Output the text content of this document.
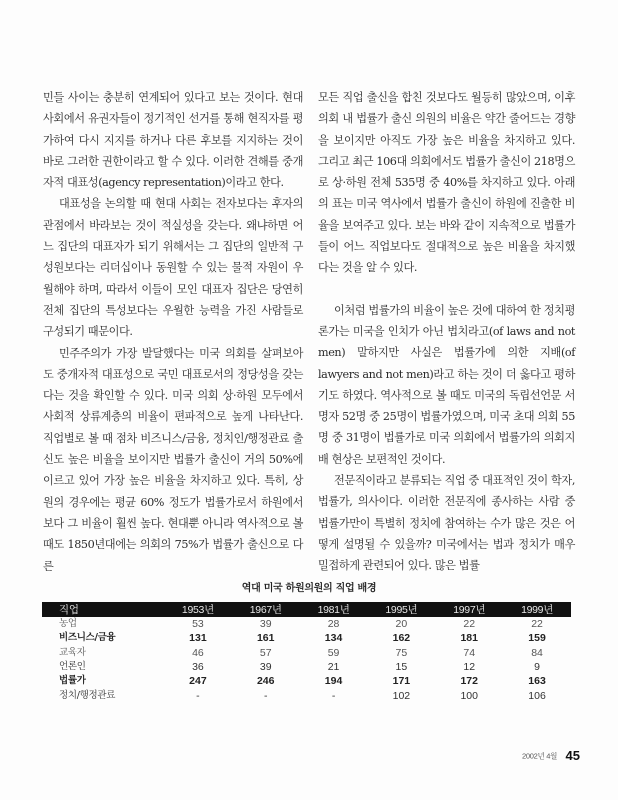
민들 사이는 충분히 연계되어 있다고 보는 것이다. 현대 사회에서 유권자들이 정기적인 선거를 통해 현직자를 평가하여 다시 지지를 하거나 다른 후보를 지지하는 것이 바로 그러한 권한이라고 할 수 있다. 이러한 견해를 중개자적 대표성(agency representation)이라고 한다.

대표성을 논의할 때 현대 사회는 전자보다는 후자의 관점에서 바라보는 것이 적실성을 갖는다. 왜냐하면 어느 집단의 대표자가 되기 위해서는 그 집단의 일반적 구성원보다는 리더십이나 동원할 수 있는 물적 자원이 우월해야 하며, 따라서 이들이 모인 대표자 집단은 당연히 전체 집단의 특성보다는 우월한 능력을 가진 사람들로 구성되기 때문이다.

민주주의가 가장 발달했다는 미국 의회를 살펴보아도 중개자적 대표성으로 국민 대표로서의 정당성을 갖는다는 것을 확인할 수 있다. 미국 의회 상·하원 모두에서 사회적 상류계층의 비율이 편파적으로 높게 나타난다. 직업별로 볼 때 점차 비즈니스/금융, 정치인/행정관료 출신도 높은 비율을 보이지만 법률가 출신이 거의 50%에 이르고 있어 가장 높은 비율을 차지하고 있다. 특히, 상원의 경우에는 평균 60% 정도가 법률가로서 하원에서보다 그 비율이 훨씬 높다. 현대뿐 아니라 역사적으로 볼 때도 1850년대에는 의회의 75%가 법률가 출신으로 다른

모든 직업 출신을 합친 것보다도 월등히 많았으며, 이후 의회 내 법률가 출신 의원의 비율은 약간 줄어드는 경향을 보이지만 아직도 가장 높은 비율을 차지하고 있다. 그리고 최근 106대 의회에서도 법률가 출신이 218명으로 상·하원 전체 535명 중 40%를 차지하고 있다. 아래의 표는 미국 역사에서 법률가 출신이 하원에 진출한 비율을 보여주고 있다. 보는 바와 같이 지속적으로 법률가들이 어느 직업보다도 절대적으로 높은 비율을 차지했다는 것을 알 수 있다.

이처럼 법률가의 비율이 높은 것에 대하여 한 정치평론가는 미국을 인치가 아닌 법치라고(of laws and not men) 말하지만 사실은 법률가에 의한 지배(of lawyers and not men)라고 하는 것이 더 옳다고 평하기도 하였다. 역사적으로 볼 때도 미국의 독립선언문 서명자 52명 중 25명이 법률가였으며, 미국 초대 의회 55명 중 31명이 법률가로 미국 의회에서 법률가의 의회지배 현상은 보편적인 것이다.

전문직이라고 분류되는 직업 중 대표적인 것이 학자, 법률가, 의사이다. 이러한 전문직에 종사하는 사람 중 법률가만이 특별히 정치에 참여하는 수가 많은 것은 어떻게 설명될 수 있을까? 미국에서는 법과 정치가 매우 밀접하게 관련되어 있다. 많은 법률

역대 미국 하원의원의 직업 배경
직업	1953년	1967년	1981년	1995년	1997년	1999년
농업	53	39	28	20	22	22
비즈니스/금융	131	161	134	162	181	159
교육자	46	57	59	75	74	84
언론인	36	39	21	15	12	9
법률가	247	246	194	171	172	163
정치/행정관료	-	-	-	102	100	106
2002년 4월 45
